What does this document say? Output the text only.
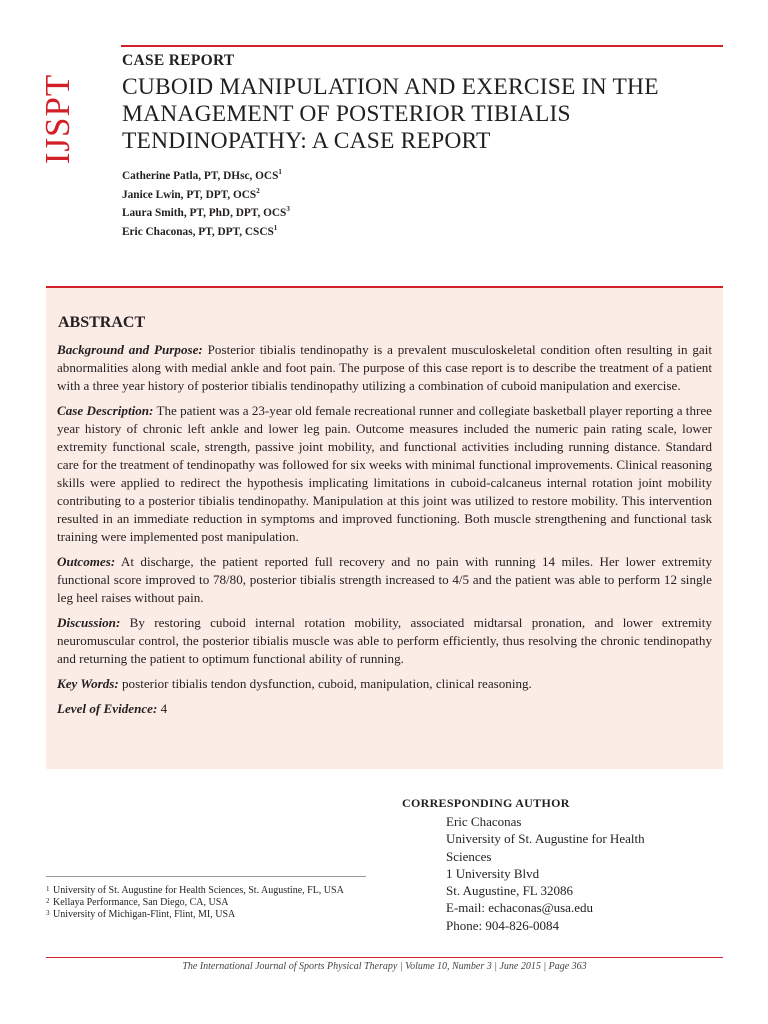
IJSPT
CASE REPORT
CUBOID MANIPULATION AND EXERCISE IN THE
MANAGEMENT OF POSTERIOR TIBIALIS
TENDINOPATHY: A CASE REPORT
Catherine Patla, PT, DHsc, OCS$^1$
Janice Lwin, PT, DPT, OCS$^2$
Laura Smith, PT, PhD, DPT, OCS$^3$
Eric Chaconas, PT, DPT, CSCS$^1$
ABSTRACT

Background and Purpose: Posterior tibialis tendinopathy is a prevalent musculoskeletal condition often resulting in gait abnormalities along with medial ankle and foot pain. The purpose of this case report is to describe the treatment of a patient with a three year history of posterior tibialis tendinopathy utilizing a combination of cuboid manipulation and exercise.

Case Description: The patient was a 23-year old female recreational runner and collegiate basketball player reporting a three year history of chronic left ankle and lower leg pain. Outcome measures included the numeric pain rating scale, lower extremity functional scale, strength, passive joint mobility, and functional activities including running distance. Standard care for the treatment of tendinopathy was followed for six weeks with minimal functional improvements. Clinical reasoning skills were applied to redirect the hypothesis implicating limitations in cuboid-calcaneus internal rotation joint mobility contributing to a posterior tibialis tendinopathy. Manipulation at this joint was utilized to restore mobility. This intervention resulted in an immediate reduction in symptoms and improved functioning. Both muscle strengthening and functional task training were implemented post manipulation.

Outcomes: At discharge, the patient reported full recovery and no pain with running 14 miles. Her lower extremity functional score improved to 78/80, posterior tibialis strength increased to 4/5 and the patient was able to perform 12 single leg heel raises without pain.

Discussion: By restoring cuboid internal rotation mobility, associated midtarsal pronation, and lower extremity neuromuscular control, the posterior tibialis muscle was able to perform efficiently, thus resolving the chronic tendinopathy and returning the patient to optimum functional ability of running.

Key Words: posterior tibialis tendon dysfunction, cuboid, manipulation, clinical reasoning.

Level of Evidence: 4

CORRESPONDING AUTHOR
Eric Chaconas
University of St. Augustine for Health
Sciences
1 University Blvd
St. Augustine, FL 32086
E-mail: echaconas@usa.edu
Phone: 904-826-0084
1 University of St. Augustine for Health Sciences, St. Augustine, FL, USA
2 Kellaya Performance, San Diego, CA, USA
3 University of Michigan-Flint, Flint, MI, USA
The International Journal of Sports Physical Therapy | Volume 10, Number 3 | June 2015 | Page 363
